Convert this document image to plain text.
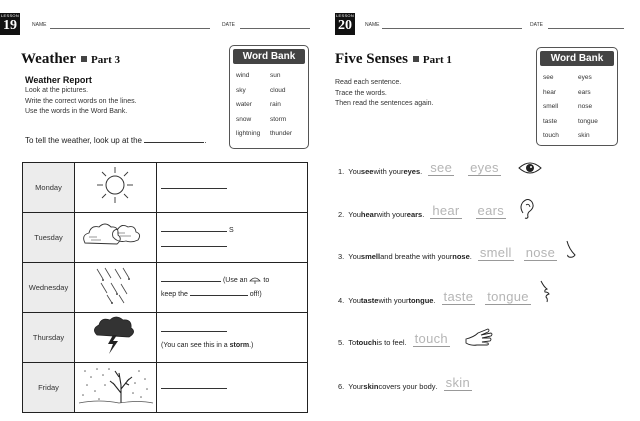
LESSON
19	NAME	DATE
Weather Part 3	Word Bank
wind	sun
sky	cloud
water	rain
snow	storm
lightning	thunder
Weather Report
Look at the pictures.
Write the correct words on the lines.
Use the words in the Word Bank.
To tell the weather, look up at the	.
Monday		

Tuesday		S

Wednesday		(Use an to
keep the off!)

Thursday		(You can see this in a storm.)

Friday		
LESSON
20	NAME	DATE
Five Senses Part 1	Word Bank
see	eyes
hear	ears
smell	nose
taste	tongue
touch	skin
Read each sentence.
Trace the words.
Then read the sentences again.
1. You see with your eyes . see eyes
2. You hear with your ears . hear ears
3. You smell and breathe with your nose . smell nose
4. You taste with your tongue . taste tongue
5. To touch is to feel . touch
6. Your skin covers your body . skin
